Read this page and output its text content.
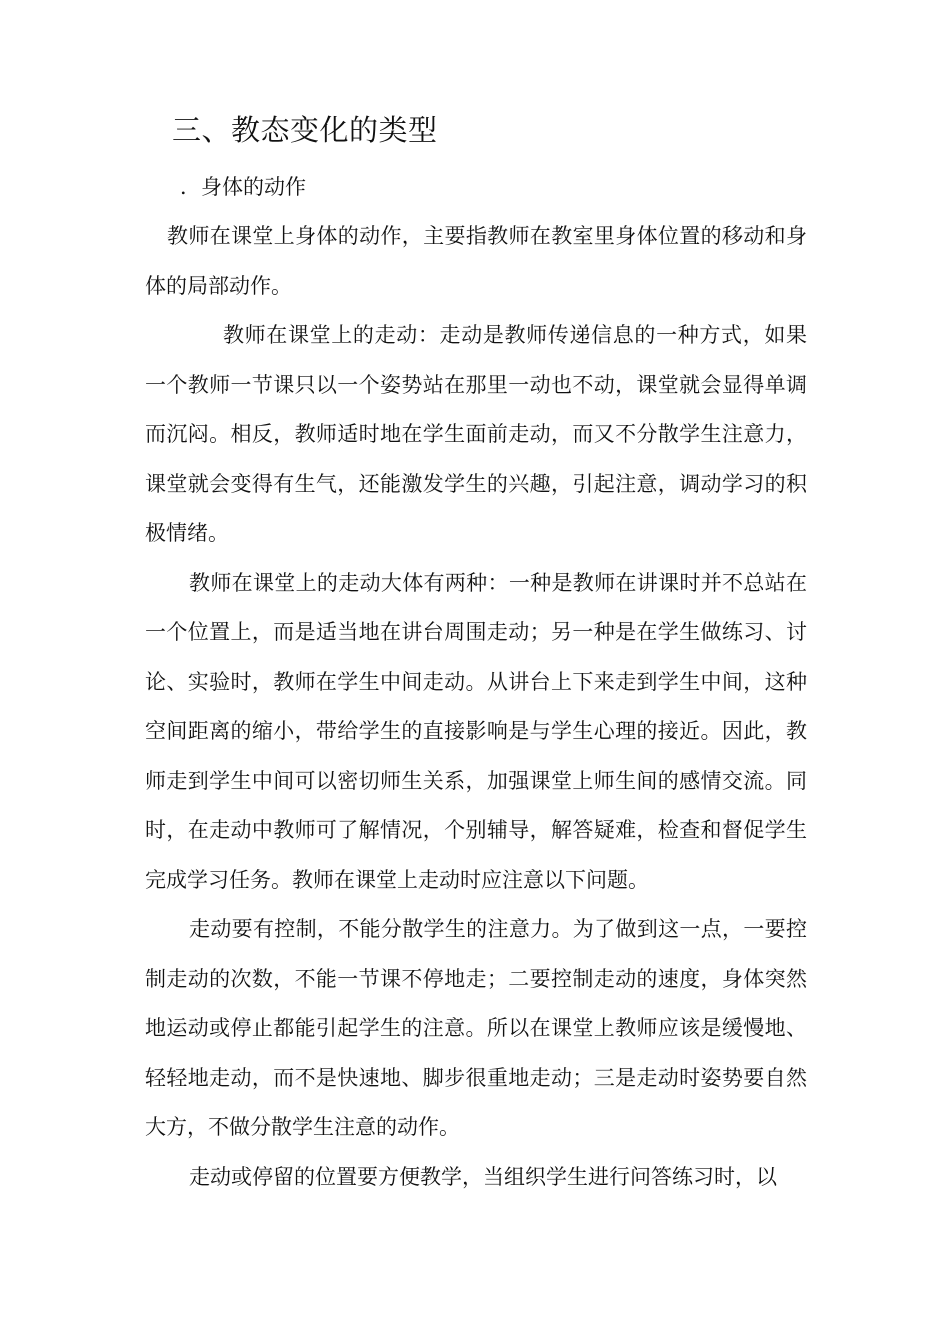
三、教态变化的类型
．身体的动作

教师在课堂上身体的动作，主要指教师在教室里身体位置的移动和身体的局部动作。

教师在课堂上的走动：走动是教师传递信息的一种方式，如果一个教师一节课只以一个姿势站在那里一动也不动，课堂就会显得单调而沉闷。相反，教师适时地在学生面前走动，而又不分散学生注意力，课堂就会变得有生气，还能激发学生的兴趣，引起注意，调动学习的积极情绪。

教师在课堂上的走动大体有两种：一种是教师在讲课时并不总站在一个位置上，而是适当地在讲台周围走动；另一种是在学生做练习、讨论、实验时，教师在学生中间走动。从讲台上下来走到学生中间，这种空间距离的缩小，带给学生的直接影响是与学生心理的接近。因此，教师走到学生中间可以密切师生关系，加强课堂上师生间的感情交流。同时，在走动中教师可了解情况，个别辅导，解答疑难，检查和督促学生完成学习任务。教师在课堂上走动时应注意以下问题。

走动要有控制，不能分散学生的注意力。为了做到这一点，一要控制走动的次数，不能一节课不停地走；二要控制走动的速度，身体突然地运动或停止都能引起学生的注意。所以在课堂上教师应该是缓慢地、轻轻地走动，而不是快速地、脚步很重地走动；三是走动时姿势要自然大方，不做分散学生注意的动作。

走动或停留的位置要方便教学，当组织学生进行问答练习时，以
